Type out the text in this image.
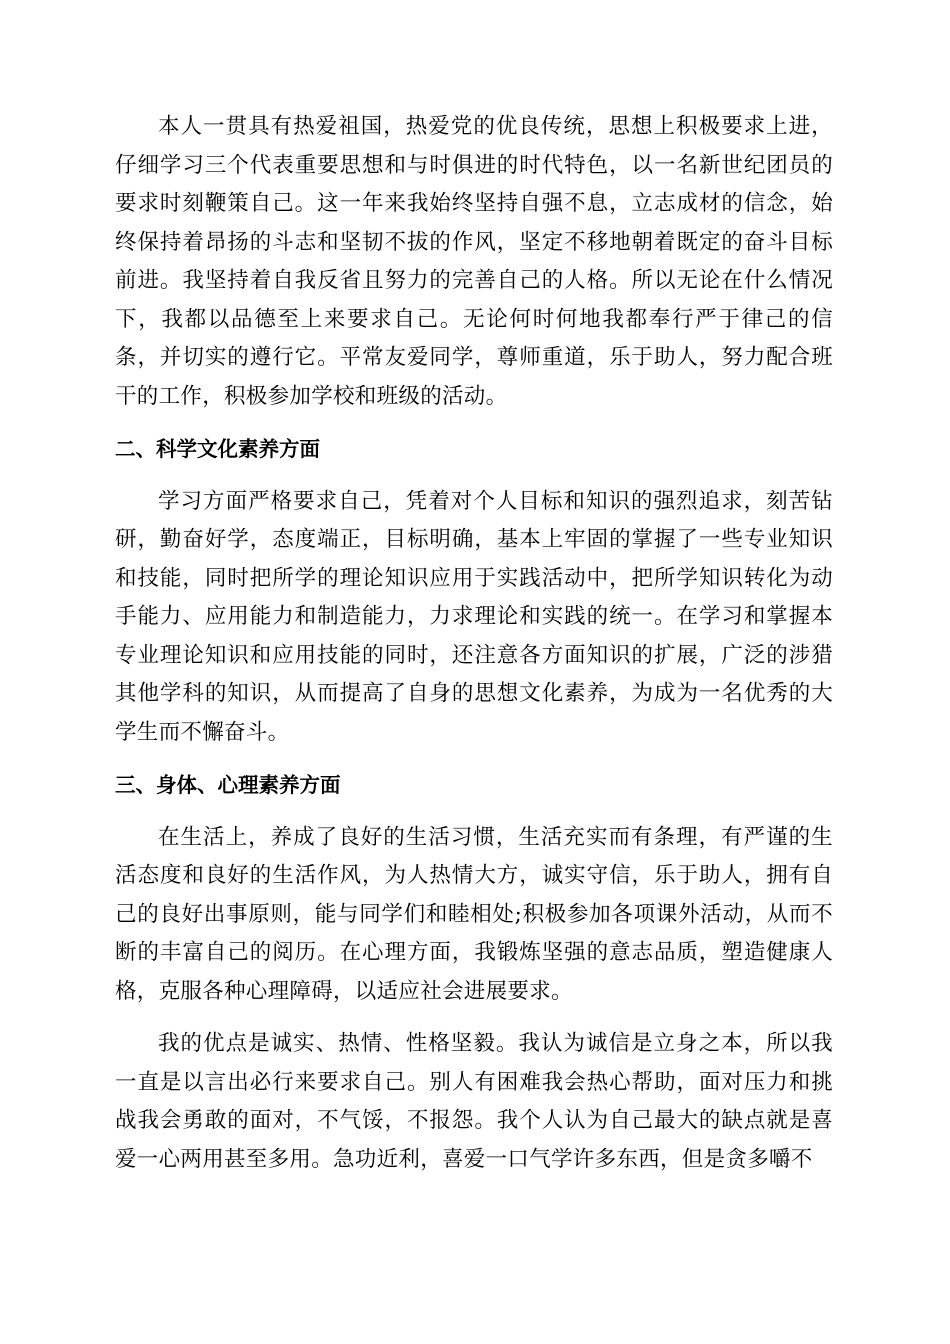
本人一贯具有热爱祖国，热爱党的优良传统，思想上积极要求上进，仔细学习三个代表重要思想和与时俱进的时代特色，以一名新世纪团员的要求时刻鞭策自己。这一年来我始终坚持自强不息，立志成材的信念，始终保持着昂扬的斗志和坚韧不拔的作风，坚定不移地朝着既定的奋斗目标前进。我坚持着自我反省且努力的完善自己的人格。所以无论在什么情况下，我都以品德至上来要求自己。无论何时何地我都奉行严于律己的信条，并切实的遵行它。平常友爱同学，尊师重道，乐于助人，努力配合班干的工作，积极参加学校和班级的活动。

二、科学文化素养方面

学习方面严格要求自己，凭着对个人目标和知识的强烈追求，刻苦钻研，勤奋好学，态度端正，目标明确，基本上牢固的掌握了一些专业知识和技能，同时把所学的理论知识应用于实践活动中，把所学知识转化为动手能力、应用能力和制造能力，力求理论和实践的统一。在学习和掌握本专业理论知识和应用技能的同时，还注意各方面知识的扩展，广泛的涉猎其他学科的知识，从而提高了自身的思想文化素养，为成为一名优秀的大学生而不懈奋斗。

三、身体、心理素养方面

在生活上，养成了良好的生活习惯，生活充实而有条理，有严谨的生活态度和良好的生活作风，为人热情大方，诚实守信，乐于助人，拥有自己的良好出事原则，能与同学们和睦相处;积极参加各项课外活动，从而不断的丰富自己的阅历。在心理方面，我锻炼坚强的意志品质，塑造健康人格，克服各种心理障碍，以适应社会进展要求。

我的优点是诚实、热情、性格坚毅。我认为诚信是立身之本，所以我一直是以言出必行来要求自己。别人有困难我会热心帮助，面对压力和挑战我会勇敢的面对，不气馁，不报怨。我个人认为自己最大的缺点就是喜爱一心两用甚至多用。急功近利，喜爱一口气学许多东西，但是贪多嚼不
